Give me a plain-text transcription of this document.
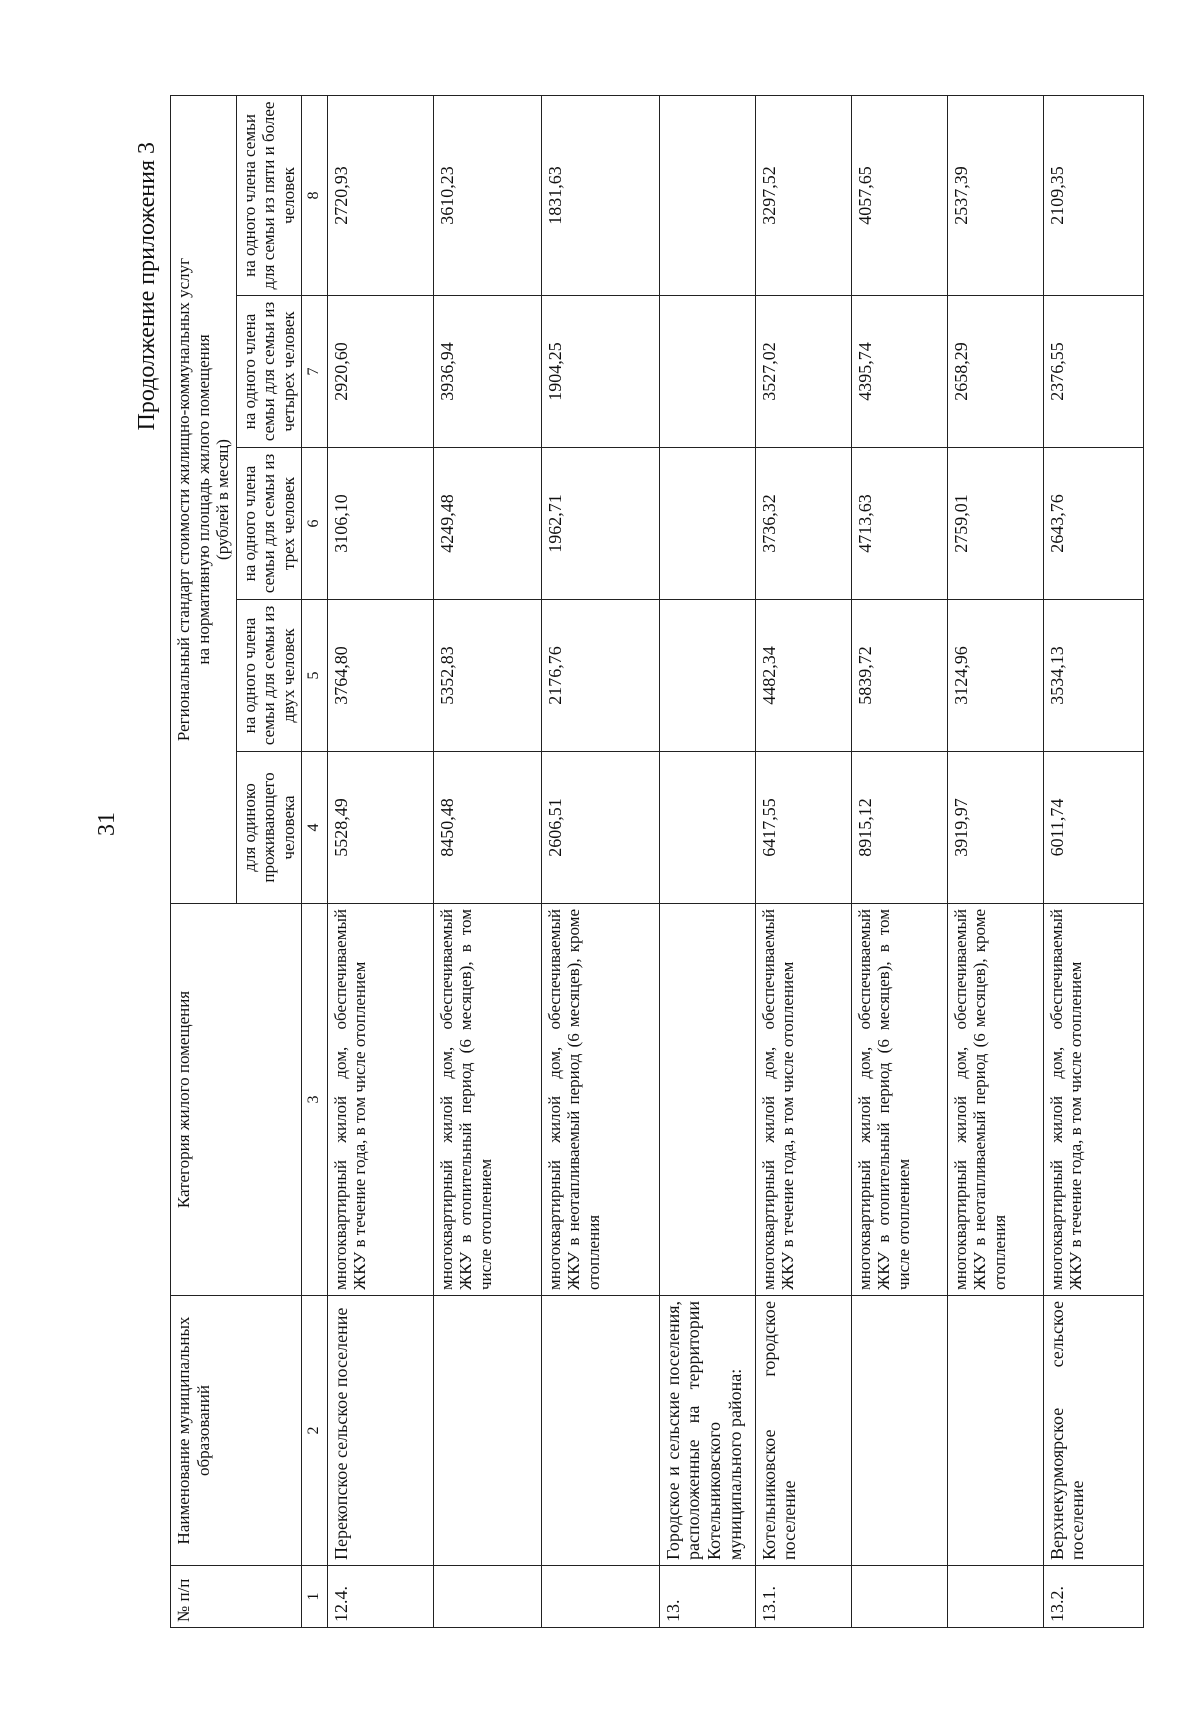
31
Продолжение приложения 3
№ п/п	Наименование муниципальных образований	Категория жилого помещения	Региональный стандарт стоимости жилищно-коммунальных услуг на нормативную площадь жилого помещения (рублей в месяц)				

			для одиноко проживающего человека	на одного члена семьи для семьи из двух человек	на одного члена семьи для семьи из трех человек	на одного члена семьи для семьи из четырех человек	на одного члена семьи для семьи из пяти и более человек
1	2	3	4	5	6	7	8
12.4.	Перекопское сельское поселение	многоквартирный жилой дом, обеспечиваемый ЖКУ в течение года, в том числе отоплением	5528,49	3764,80	3106,10	2920,60	2720,93
		многоквартирный жилой дом, обеспечиваемый ЖКУ в отопительный период (6 месяцев), в том числе отоплением	8450,48	5352,83	4249,48	3936,94	3610,23
		многоквартирный жилой дом, обеспечиваемый ЖКУ в неотапливаемый период (6 месяцев), кроме отопления	2606,51	2176,76	1962,71	1904,25	1831,63
13.	Городское и сельские поселения, расположенные на территории Котельниковского муниципального района:						
13.1.	Котельниковское городское поселение	многоквартирный жилой дом, обеспечиваемый ЖКУ в течение года, в том числе отоплением	6417,55	4482,34	3736,32	3527,02	3297,52
		многоквартирный жилой дом, обеспечиваемый ЖКУ в отопительный период (6 месяцев), в том числе отоплением	8915,12	5839,72	4713,63	4395,74	4057,65
		многоквартирный жилой дом, обеспечиваемый ЖКУ в неотапливаемый период (6 месяцев), кроме отопления	3919,97	3124,96	2759,01	2658,29	2537,39
13.2.	Верхнекурмоярское сельское поселение	многоквартирный жилой дом, обеспечиваемый ЖКУ в течение года, в том числе отоплением	6011,74	3534,13	2643,76	2376,55	2109,35
